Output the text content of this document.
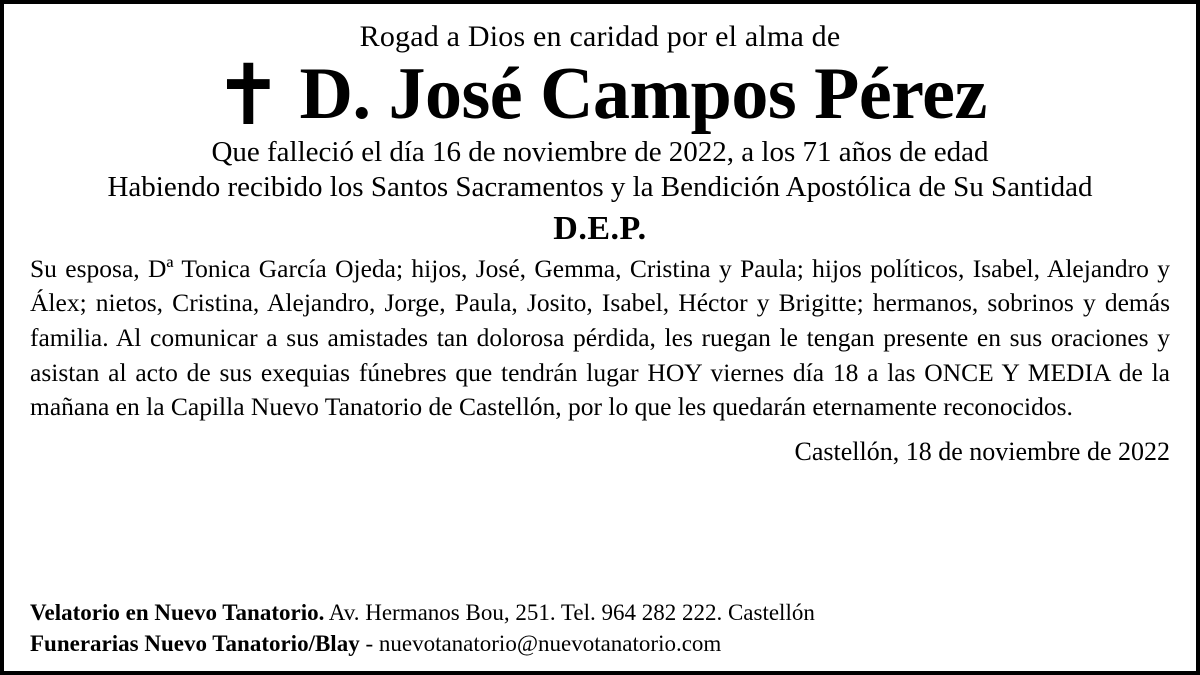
Rogad a Dios en caridad por el alma de
✝ D. José Campos Pérez
Que falleció el día 16 de noviembre de 2022, a los 71 años de edad
Habiendo recibido los Santos Sacramentos y la Bendición Apostólica de Su Santidad
D.E.P.

Su esposa, Dª Tonica García Ojeda; hijos, José, Gemma, Cristina y Paula; hijos políticos, Isabel, Alejandro y Álex; nietos, Cristina, Alejandro, Jorge, Paula, Josito, Isabel, Héctor y Brigitte; hermanos, sobrinos y demás familia. Al comunicar a sus amistades tan dolorosa pérdida, les ruegan le tengan presente en sus oraciones y asistan al acto de sus exequias fúnebres que tendrán lugar HOY viernes día 18 a las ONCE Y MEDIA de la mañana en la Capilla Nuevo Tanatorio de Castellón, por lo que les quedarán eternamente reconocidos.

Castellón, 18 de noviembre de 2022
Velatorio en Nuevo Tanatorio. Av. Hermanos Bou, 251. Tel. 964 282 222. Castellón
Funerarias Nuevo Tanatorio/Blay - nuevotanatorio@nuevotanatorio.com
